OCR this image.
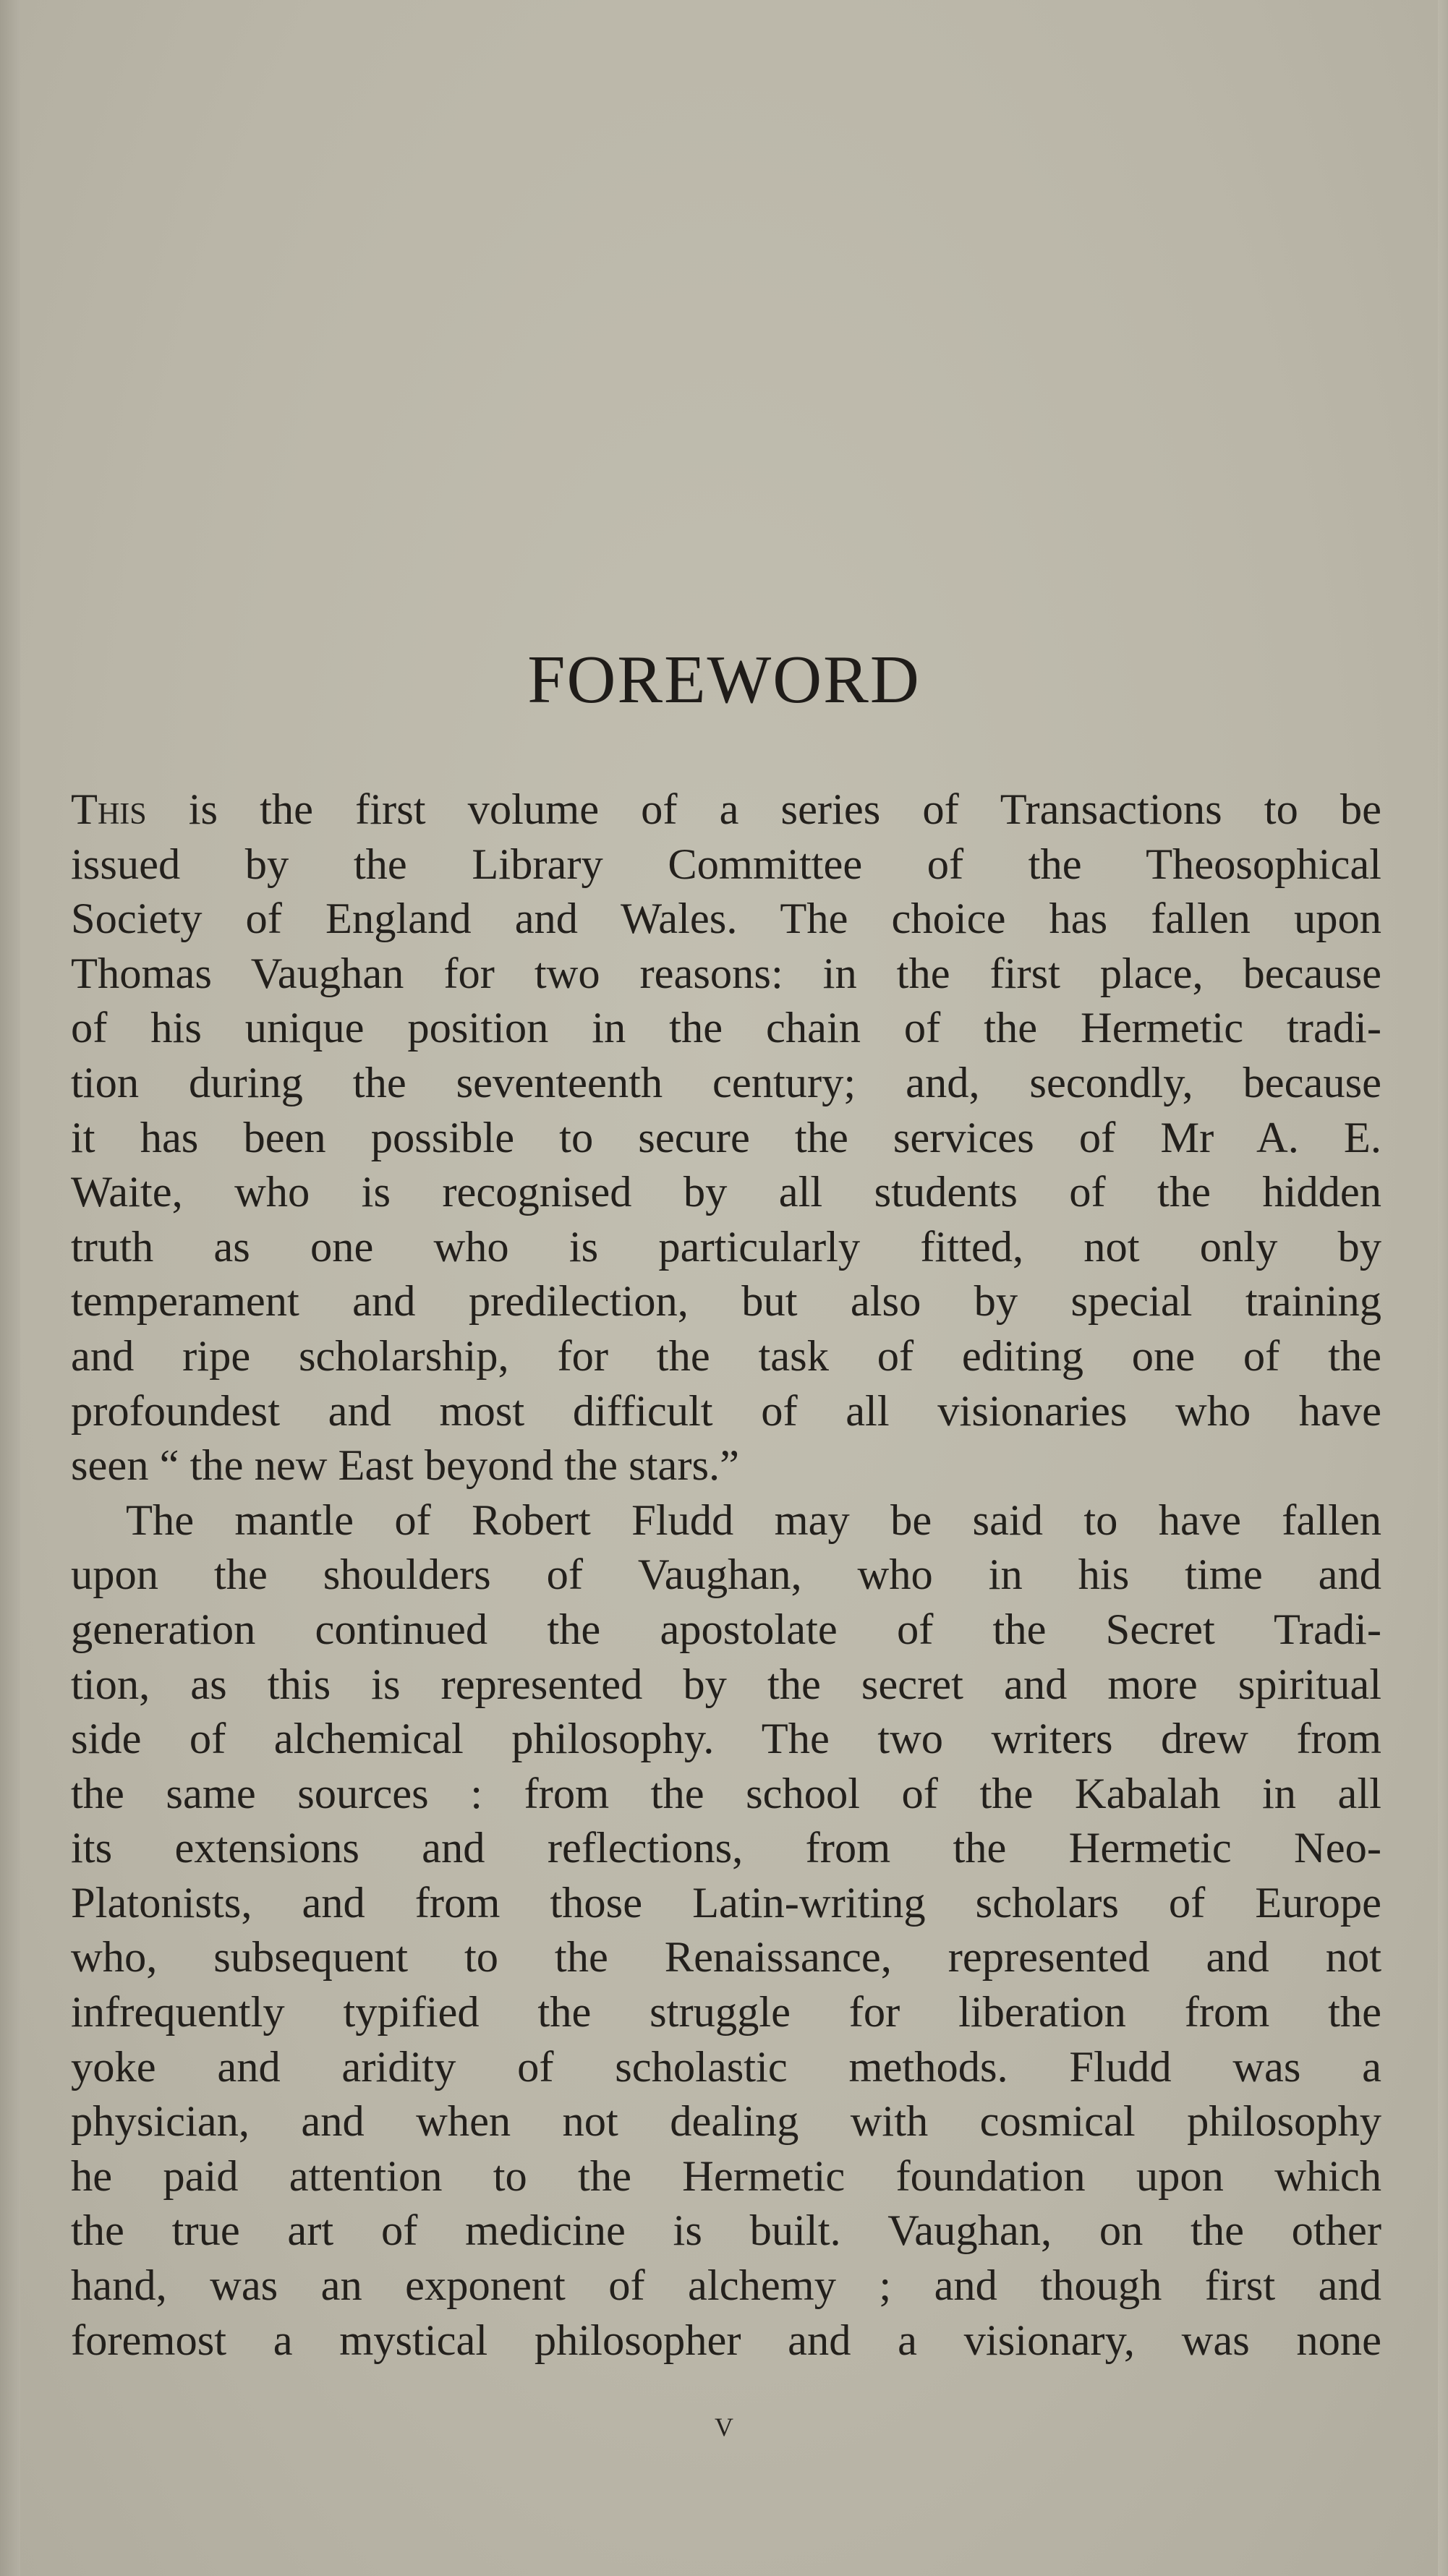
FOREWORD
This is the first volume of a series of Transactions to be
issued by the Library Committee of the Theosophical
Society of England and Wales. The choice has fallen upon
Thomas Vaughan for two reasons: in the first place, because
of his unique position in the chain of the Hermetic tradi-
tion during the seventeenth century; and, secondly, because
it has been possible to secure the services of Mr A. E.
Waite, who is recognised by all students of the hidden
truth as one who is particularly fitted, not only by
temperament and predilection, but also by special training
and ripe scholarship, for the task of editing one of the
profoundest and most difficult of all visionaries who have
seen “ the new East beyond the stars.”
The mantle of Robert Fludd may be said to have fallen
upon the shoulders of Vaughan, who in his time and
generation continued the apostolate of the Secret Tradi-
tion, as this is represented by the secret and more spiritual
side of alchemical philosophy. The two writers drew from
the same sources : from the school of the Kabalah in all
its extensions and reflections, from the Hermetic Neo-
Platonists, and from those Latin-writing scholars of Europe
who, subsequent to the Renaissance, represented and not
infrequently typified the struggle for liberation from the
yoke and aridity of scholastic methods. Fludd was a
physician, and when not dealing with cosmical philosophy
he paid attention to the Hermetic foundation upon which
the true art of medicine is built. Vaughan, on the other
hand, was an exponent of alchemy ; and though first and
foremost a mystical philosopher and a visionary, was none
v
